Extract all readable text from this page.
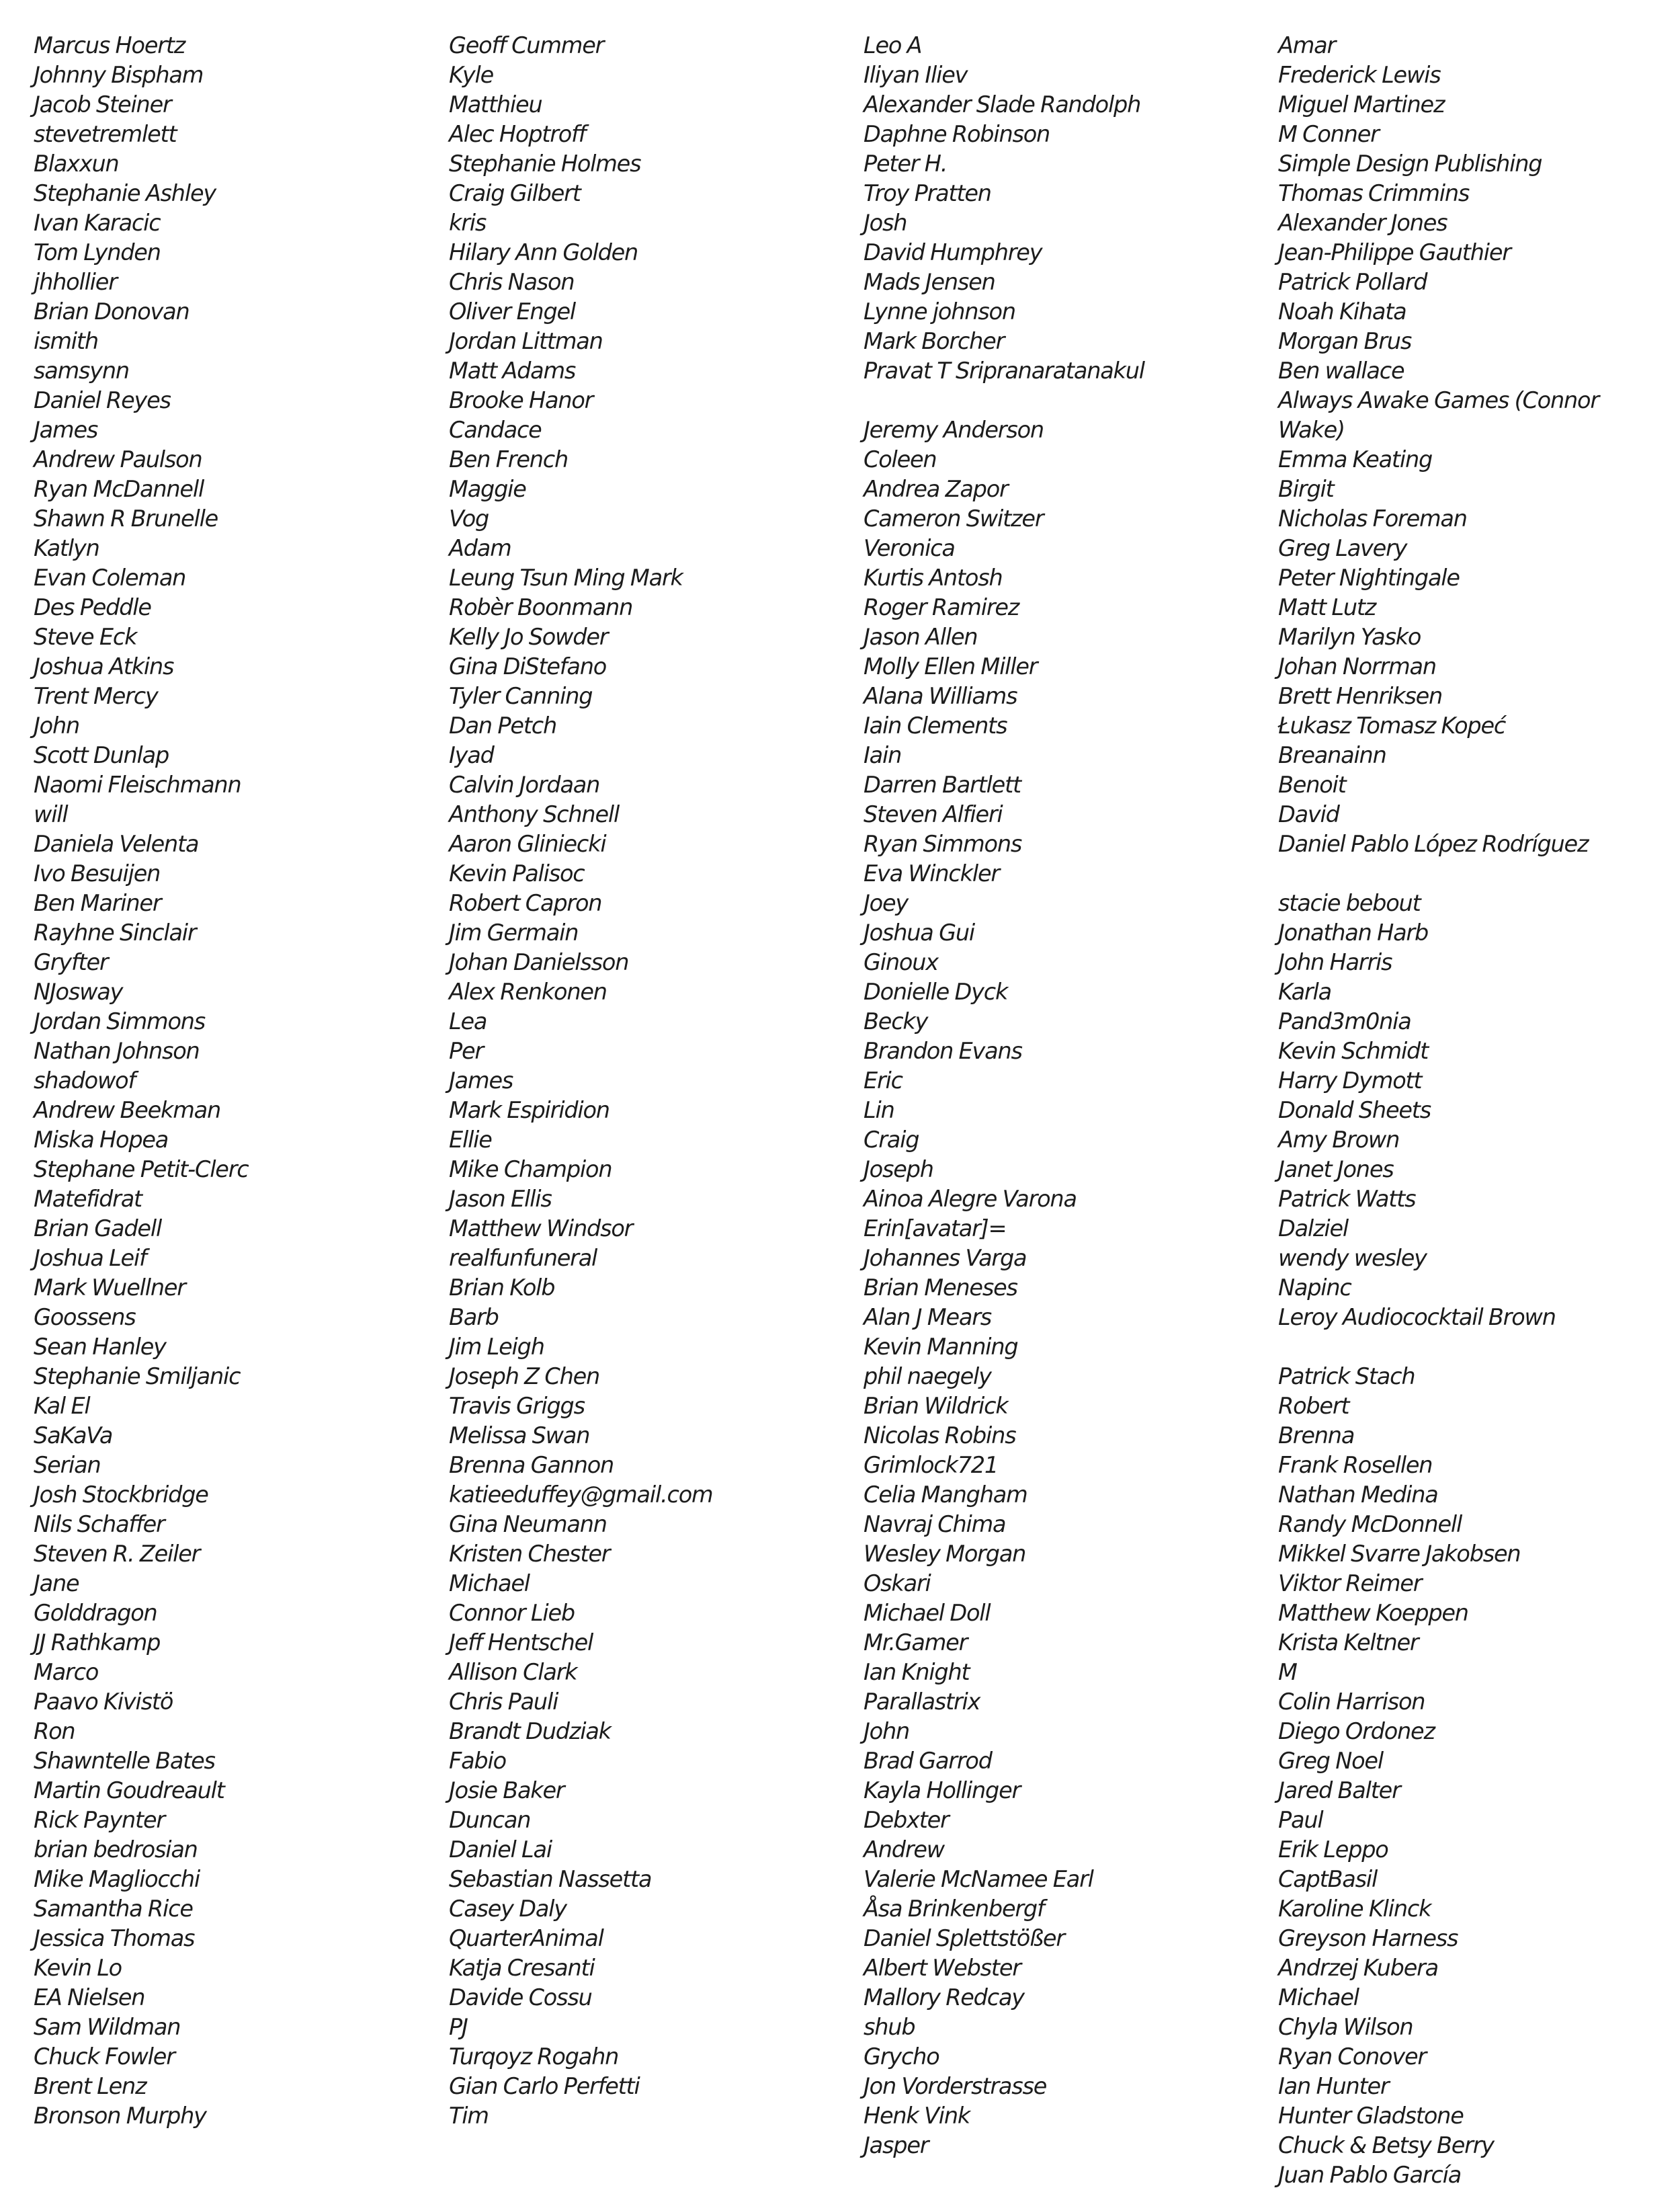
Marcus Hoertz
Johnny Bispham
Jacob Steiner
stevetremlett
Blaxxun
Stephanie Ashley
Ivan Karacic
Tom Lynden
jhhollier
Brian Donovan
ismith
samsynn
Daniel Reyes
James
Andrew Paulson
Ryan McDannell
Shawn R Brunelle
Katlyn
Evan Coleman
Des Peddle
Steve Eck
Joshua Atkins
Trent Mercy
John
Scott Dunlap
Naomi Fleischmann
will
Daniela Velenta
Ivo Besuijen
Ben Mariner
Rayhne Sinclair
Gryfter
NJosway
Jordan Simmons
Nathan Johnson
shadowof
Andrew Beekman
Miska Hopea
Stephane Petit-Clerc
Matefidrat
Brian Gadell
Joshua Leif
Mark Wuellner
Goossens
Sean Hanley
Stephanie Smiljanic
Kal El
SaKaVa
Serian
Josh Stockbridge
Nils Schaffer
Steven R. Zeiler
Jane
Golddragon
JJ Rathkamp
Marco
Paavo Kivistö
Ron
Shawntelle Bates
Martin Goudreault
Rick Paynter
brian bedrosian
Mike Magliocchi
Samantha Rice
Jessica Thomas
Kevin Lo
EA Nielsen
Sam Wildman
Chuck Fowler
Brent Lenz
Bronson Murphy
Geoff Cummer
Kyle
Matthieu
Alec Hoptroff
Stephanie Holmes
Craig Gilbert
kris
Hilary Ann Golden
Chris Nason
Oliver Engel
Jordan Littman
Matt Adams
Brooke Hanor
Candace
Ben French
Maggie
Vog
Adam
Leung Tsun Ming Mark
Robèr Boonmann
Kelly Jo Sowder
Gina DiStefano
Tyler Canning
Dan Petch
Iyad
Calvin Jordaan
Anthony Schnell
Aaron Gliniecki
Kevin Palisoc
Robert Capron
Jim Germain
Johan Danielsson
Alex Renkonen
Lea
Per
James
Mark Espiridion
Ellie
Mike Champion
Jason Ellis
Matthew Windsor
realfunfuneral
Brian Kolb
Barb
Jim Leigh
Joseph Z Chen
Travis Griggs
Melissa Swan
Brenna Gannon
katieeduffey@gmail.com
Gina Neumann
Kristen Chester
Michael
Connor Lieb
Jeff Hentschel
Allison Clark
Chris Pauli
Brandt Dudziak
Fabio
Josie Baker
Duncan
Daniel Lai
Sebastian Nassetta
Casey Daly
QuarterAnimal
Katja Cresanti
Davide Cossu
PJ
Turqoyz Rogahn
Gian Carlo Perfetti
Tim
Leo A
Iliyan Iliev
Alexander Slade Randolph
Daphne Robinson
Peter H.
Troy Pratten
Josh
David Humphrey
Mads Jensen
Lynne johnson
Mark Borcher
Pravat T Sripranaratanakul
Jeremy Anderson
Coleen
Andrea Zapor
Cameron Switzer
Veronica
Kurtis Antosh
Roger Ramirez
Jason Allen
Molly Ellen Miller
Alana Williams
Iain Clements
Iain
Darren Bartlett
Steven Alfieri
Ryan Simmons
Eva Winckler
Joey
Joshua Gui
Ginoux
Donielle Dyck
Becky
Brandon Evans
Eric
Lin
Craig
Joseph
Ainoa Alegre Varona
Erin[avatar]=
Johannes Varga
Brian Meneses
Alan J Mears
Kevin Manning
phil naegely
Brian Wildrick
Nicolas Robins
Grimlock721
Celia Mangham
Navraj Chima
Wesley Morgan
Oskari
Michael Doll
Mr.Gamer
Ian Knight
Parallastrix
John
Brad Garrod
Kayla Hollinger
Debxter
Andrew
Valerie McNamee Earl
Åsa Brinkenbergf
Daniel Splettstößer
Albert Webster
Mallory Redcay
shub
Grycho
Jon Vorderstrasse
Henk Vink
Jasper
Amar
Frederick Lewis
Miguel Martinez
M Conner
Simple Design Publishing
Thomas Crimmins
Alexander Jones
Jean-Philippe Gauthier
Patrick Pollard
Noah Kihata
Morgan Brus
Ben wallace
Always Awake Games (Connor Wake)
Emma Keating
Birgit
Nicholas Foreman
Greg Lavery
Peter Nightingale
Matt Lutz
Marilyn Yasko
Johan Norrman
Brett Henriksen
Łukasz Tomasz Kopeć
Breanainn
Benoit
David
Daniel Pablo López Rodríguez
stacie bebout
Jonathan Harb
John Harris
Karla
Pand3m0nia
Kevin Schmidt
Harry Dymott
Donald Sheets
Amy Brown
Janet Jones
Patrick Watts
Dalziel
wendy wesley
Napinc
Leroy Audiococktail Brown
Patrick Stach
Robert
Brenna
Frank Rosellen
Nathan Medina
Randy McDonnell
Mikkel Svarre Jakobsen
Viktor Reimer
Matthew Koeppen
Krista Keltner
M
Colin Harrison
Diego Ordonez
Greg Noel
Jared Balter
Paul
Erik Leppo
CaptBasil
Karoline Klinck
Greyson Harness
Andrzej Kubera
Michael
Chyla Wilson
Ryan Conover
Ian Hunter
Hunter Gladstone
Chuck & Betsy Berry
Juan Pablo García
